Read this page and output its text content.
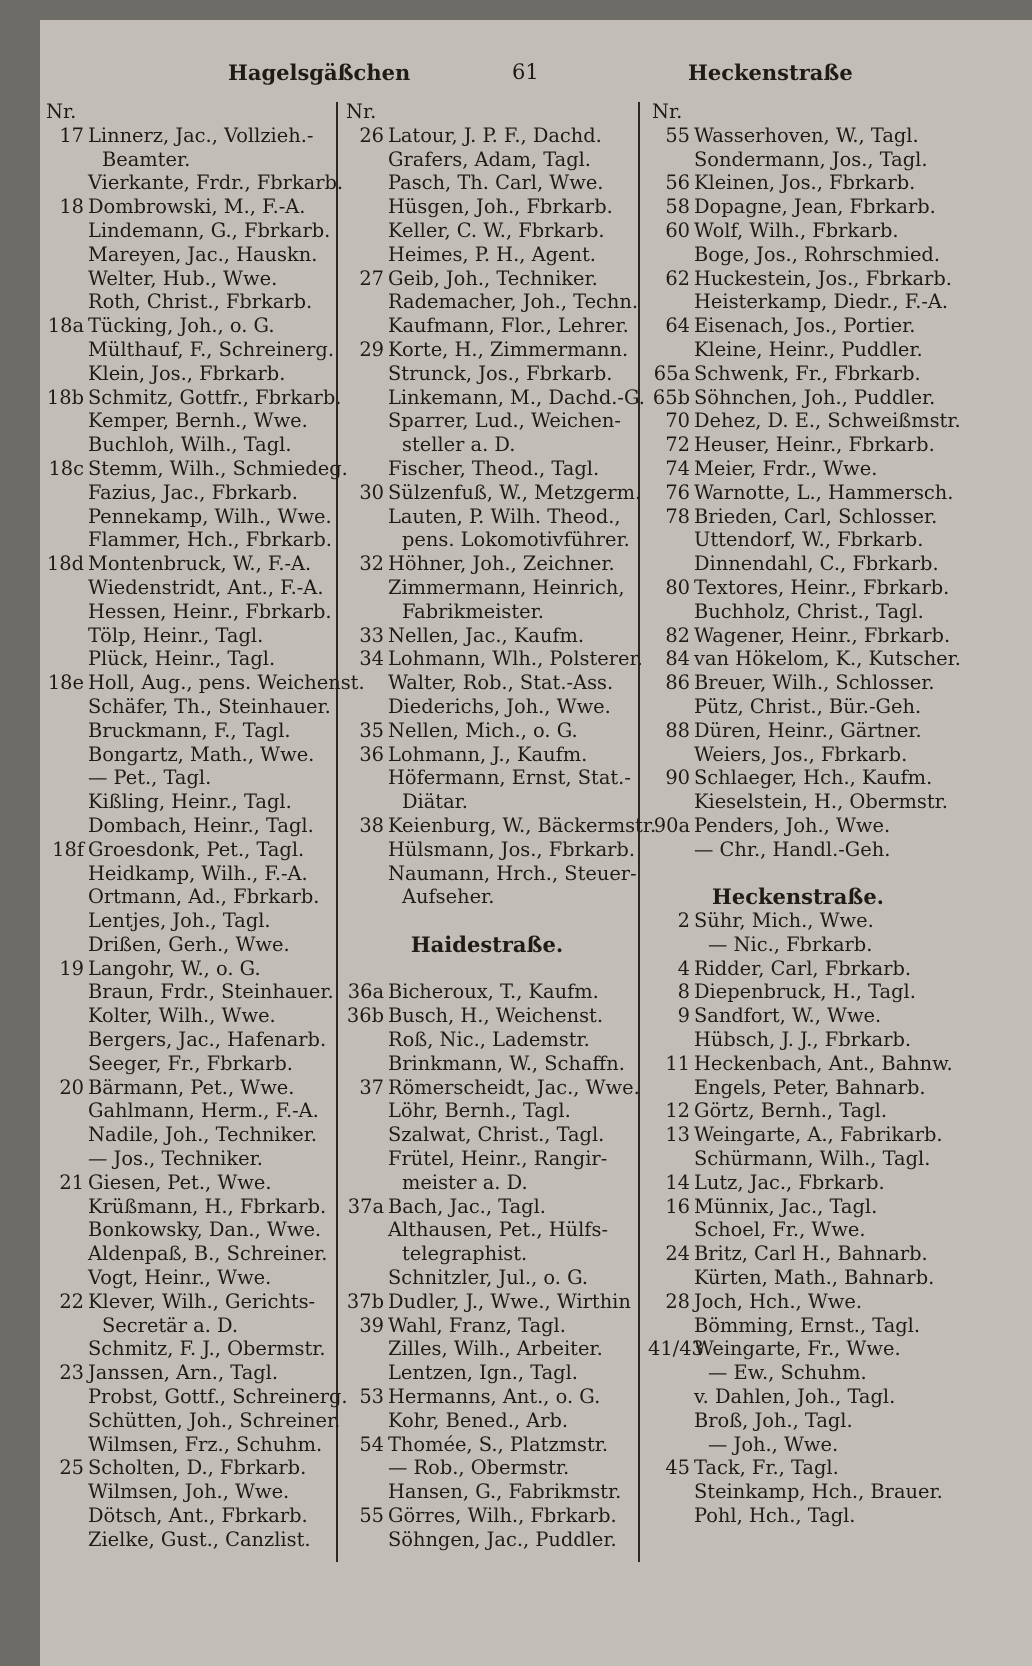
Hagelsgäßchen	61	Heckenstraße
Nr.
17 Linnerz, Jac., Vollzieh.-
Beamter.
Vierkante, Frdr., Fbrkarb.
18 Dombrowski, M., F.-A.
Lindemann, G., Fbrkarb.
Mareyen, Jac., Hauskn.
Welter, Hub., Wwe.
Roth, Christ., Fbrkarb.
18a Tücking, Joh., o. G.
Mülthauf, F., Schreinerg.
Klein, Jos., Fbrkarb.
18b Schmitz, Gottfr., Fbrkarb.
Kemper, Bernh., Wwe.
Buchloh, Wilh., Tagl.
18c Stemm, Wilh., Schmiedeg.
Fazius, Jac., Fbrkarb.
Pennekamp, Wilh., Wwe.
Flammer, Hch., Fbrkarb.
18d Montenbruck, W., F.-A.
Wiedenstridt, Ant., F.-A.
Hessen, Heinr., Fbrkarb.
Tölp, Heinr., Tagl.
Plück, Heinr., Tagl.
18e Holl, Aug., pens. Weichenst.
Schäfer, Th., Steinhauer.
Bruckmann, F., Tagl.
Bongartz, Math., Wwe.
— Pet., Tagl.
Kißling, Heinr., Tagl.
Dombach, Heinr., Tagl.
18f Groesdonk, Pet., Tagl.
Heidkamp, Wilh., F.-A.
Ortmann, Ad., Fbrkarb.
Lentjes, Joh., Tagl.
Drißen, Gerh., Wwe.
19 Langohr, W., o. G.
Braun, Frdr., Steinhauer.
Kolter, Wilh., Wwe.
Bergers, Jac., Hafenarb.
Seeger, Fr., Fbrkarb.
20 Bärmann, Pet., Wwe.
Gahlmann, Herm., F.-A.
Nadile, Joh., Techniker.
— Jos., Techniker.
21 Giesen, Pet., Wwe.
Krüßmann, H., Fbrkarb.
Bonkowsky, Dan., Wwe.
Aldenpaß, B., Schreiner.
Vogt, Heinr., Wwe.
22 Klever, Wilh., Gerichts-
Secretär a. D.
Schmitz, F. J., Obermstr.
23 Janssen, Arn., Tagl.
Probst, Gottf., Schreinerg.
Schütten, Joh., Schreiner.
Wilmsen, Frz., Schuhm.
25 Scholten, D., Fbrkarb.
Wilmsen, Joh., Wwe.
Dötsch, Ant., Fbrkarb.
Zielke, Gust., Canzlist.
Nr.
26 Latour, J. P. F., Dachd.
Grafers, Adam, Tagl.
Pasch, Th. Carl, Wwe.
Hüsgen, Joh., Fbrkarb.
Keller, C. W., Fbrkarb.
Heimes, P. H., Agent.
27 Geib, Joh., Techniker.
Rademacher, Joh., Techn.
Kaufmann, Flor., Lehrer.
29 Korte, H., Zimmermann.
Strunck, Jos., Fbrkarb.
Linkemann, M., Dachd.-G.
Sparrer, Lud., Weichen-
steller a. D.
Fischer, Theod., Tagl.
30 Sülzenfuß, W., Metzgerm.
Lauten, P. Wilh. Theod.,
pens. Lokomotivführer.
32 Höhner, Joh., Zeichner.
Zimmermann, Heinrich,
Fabrikmeister.
33 Nellen, Jac., Kaufm.
34 Lohmann, Wlh., Polsterer.
Walter, Rob., Stat.-Ass.
Diederichs, Joh., Wwe.
35 Nellen, Mich., o. G.
36 Lohmann, J., Kaufm.
Höfermann, Ernst, Stat.-
Diätar.
38 Keienburg, W., Bäckermstr.
Hülsmann, Jos., Fbrkarb.
Naumann, Hrch., Steuer-
Aufseher.
Haidestraße.
36a Bicheroux, T., Kaufm.
36b Busch, H., Weichenst.
Roß, Nic., Lademstr.
Brinkmann, W., Schaffn.
37 Römerscheidt, Jac., Wwe.
Löhr, Bernh., Tagl.
Szalwat, Christ., Tagl.
Frütel, Heinr., Rangir-
meister a. D.
37a Bach, Jac., Tagl.
Althausen, Pet., Hülfs-
telegraphist.
Schnitzler, Jul., o. G.
37b Dudler, J., Wwe., Wirthin
39 Wahl, Franz, Tagl.
Zilles, Wilh., Arbeiter.
Lentzen, Ign., Tagl.
53 Hermanns, Ant., o. G.
Kohr, Bened., Arb.
54 Thomée, S., Platzmstr.
— Rob., Obermstr.
Hansen, G., Fabrikmstr.
55 Görres, Wilh., Fbrkarb.
Söhngen, Jac., Puddler.
Nr.
55 Wasserhoven, W., Tagl.
Sondermann, Jos., Tagl.
56 Kleinen, Jos., Fbrkarb.
58 Dopagne, Jean, Fbrkarb.
60 Wolf, Wilh., Fbrkarb.
Boge, Jos., Rohrschmied.
62 Huckestein, Jos., Fbrkarb.
Heisterkamp, Diedr., F.-A.
64 Eisenach, Jos., Portier.
Kleine, Heinr., Puddler.
65a Schwenk, Fr., Fbrkarb.
65b Söhnchen, Joh., Puddler.
70 Dehez, D. E., Schweißmstr.
72 Heuser, Heinr., Fbrkarb.
74 Meier, Frdr., Wwe.
76 Warnotte, L., Hammersch.
78 Brieden, Carl, Schlosser.
Uttendorf, W., Fbrkarb.
Dinnendahl, C., Fbrkarb.
80 Textores, Heinr., Fbrkarb.
Buchholz, Christ., Tagl.
82 Wagener, Heinr., Fbrkarb.
84 van Hökelom, K., Kutscher.
86 Breuer, Wilh., Schlosser.
Pütz, Christ., Bür.-Geh.
88 Düren, Heinr., Gärtner.
Weiers, Jos., Fbrkarb.
90 Schlaeger, Hch., Kaufm.
Kieselstein, H., Obermstr.
90a Penders, Joh., Wwe.
— Chr., Handl.-Geh.
Heckenstraße.
2 Sühr, Mich., Wwe.
— Nic., Fbrkarb.
4 Ridder, Carl, Fbrkarb.
8 Diepenbruck, H., Tagl.
9 Sandfort, W., Wwe.
Hübsch, J. J., Fbrkarb.
11 Heckenbach, Ant., Bahnw.
Engels, Peter, Bahnarb.
12 Görtz, Bernh., Tagl.
13 Weingarte, A., Fabrikarb.
Schürmann, Wilh., Tagl.
14 Lutz, Jac., Fbrkarb.
16 Münnix, Jac., Tagl.
Schoel, Fr., Wwe.
24 Britz, Carl H., Bahnarb.
Kürten, Math., Bahnarb.
28 Joch, Hch., Wwe.
Bömming, Ernst., Tagl.
41/43
Weingarte, Fr., Wwe.
— Ew., Schuhm.
v. Dahlen, Joh., Tagl.
Broß, Joh., Tagl.
— Joh., Wwe.
45 Tack, Fr., Tagl.
Steinkamp, Hch., Brauer.
Pohl, Hch., Tagl.
